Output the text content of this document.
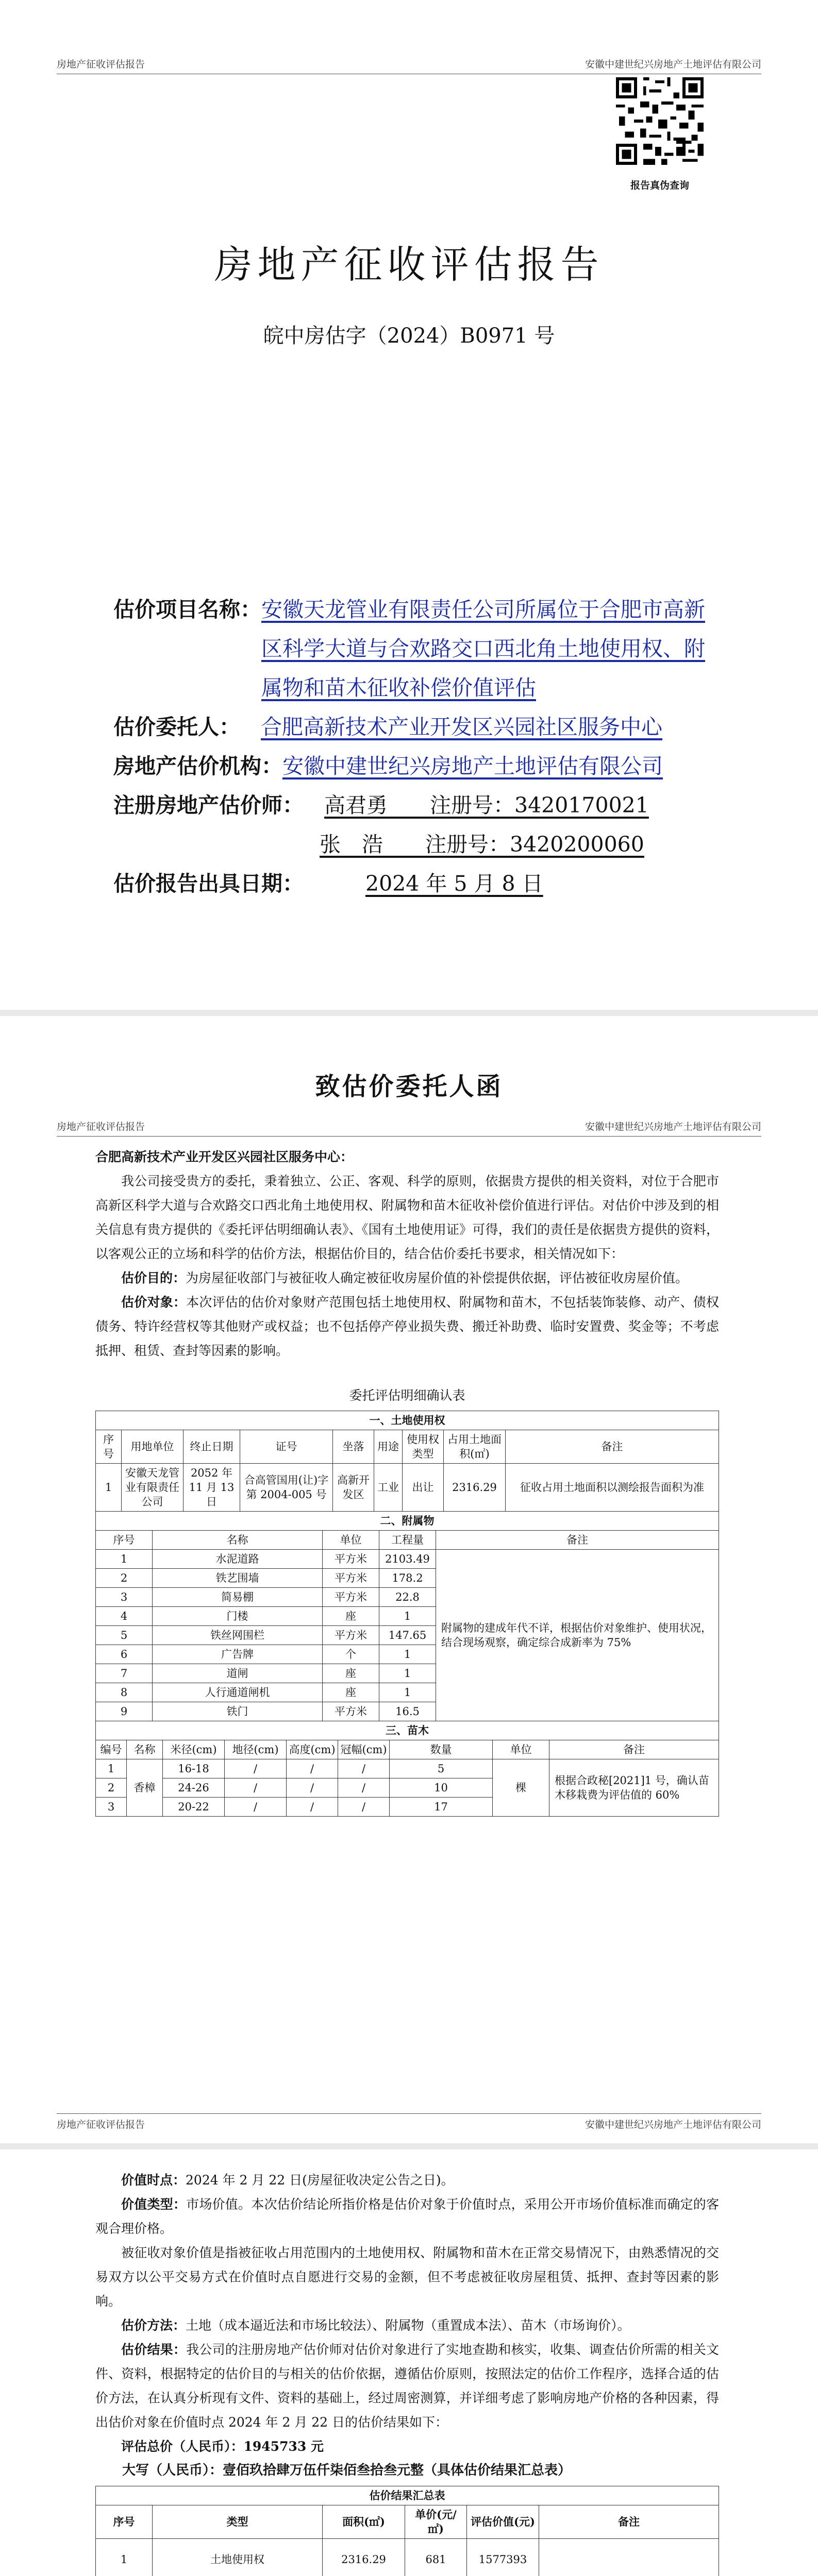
房地产征收评估报告	安徽中建世纪兴房地产土地评估有限公司
报告真伪查询
房地产征收评估报告
皖中房估字（2024）B0971 号
估价项目名称： 安徽天龙管业有限责任公司所属位于合肥市高新区科学大道与合欢路交口西北角土地使用权、附属物和苗木征收补偿价值评估
估价委托人： 合肥高新技术产业开发区兴园社区服务中心
房地产估价机构： 安徽中建世纪兴房地产土地评估有限公司
注册房地产估价师： 高君勇　　注册号：3420170021
张　浩　　注册号：3420200060
估价报告出具日期：	2024 年 5 月 8 日
致估价委托人函
房地产征收评估报告	安徽中建世纪兴房地产土地评估有限公司
合肥高新技术产业开发区兴园社区服务中心：

我公司接受贵方的委托，秉着独立、公正、客观、科学的原则，依据贵方提供的相关资料，对位于合肥市高新区科学大道与合欢路交口西北角土地使用权、附属物和苗木征收补偿价值进行评估。对估价中涉及到的相关信息有贵方提供的《委托评估明细确认表》、《国有土地使用证》可得，我们的责任是依据贵方提供的资料，以客观公正的立场和科学的估价方法，根据估价目的，结合估价委托书要求，相关情况如下：

估价目的：为房屋征收部门与被征收人确定被征收房屋价值的补偿提供依据，评估被征收房屋价值。

估价对象：本次评估的估价对象财产范围包括土地使用权、附属物和苗木，不包括装饰装修、动产、债权债务、特许经营权等其他财产或权益；也不包括停产停业损失费、搬迁补助费、临时安置费、奖金等；不考虑抵押、租赁、查封等因素的影响。

委托评估明细确认表
一、土地使用权								
序号	用地单位	终止日期	证号	坐落	用途	使用权类型	占用土地面积(㎡)	备注
1	安徽天龙管业有限责任公司	2052 年 11 月 13 日	合高管国用(让)字第 2004-005 号	高新开发区	工业	出让	2316.29	征收占用土地面积以测绘报告面积为准
二、附属物				
序号	名称	单位	工程量	备注
1	水泥道路	平方米	2103.49	附属物的建成年代不详，根据估价对象维护、使用状况，结合现场观察，确定综合成新率为 75%
2	铁艺围墙	平方米	178.2	
3	简易棚	平方米	22.8	
4	门楼	座	1	
5	铁丝网围栏	平方米	147.65	
6	广告牌	个	1	
7	道闸	座	1	
8	人行通道闸机	座	1	
9	铁门	平方米	16.5	
三、苗木								
编号	名称	米径(cm)	地径(cm)	高度(cm)	冠幅(cm)	数量	单位	备注
1	香樟	16-18	/	/	/	5	棵	根据合政秘[2021]1 号，确认苗木移栽费为评估值的 60%
2		24-26	/	/	/	10		
3		20-22	/	/	/	17		
房地产征收评估报告	安徽中建世纪兴房地产土地评估有限公司

价值时点：2024 年 2 月 22 日(房屋征收决定公告之日)。

价值类型：市场价值。本次估价结论所指价格是估价对象于价值时点，采用公开市场价值标准而确定的客观合理价格。

被征收对象价值是指被征收占用范围内的土地使用权、附属物和苗木在正常交易情况下，由熟悉情况的交易双方以公平交易方式在价值时点自愿进行交易的金额，但不考虑被征收房屋租赁、抵押、查封等因素的影响。

估价方法：土地（成本逼近法和市场比较法）、附属物（重置成本法）、苗木（市场询价）。

估价结果：我公司的注册房地产估价师对估价对象进行了实地查勘和核实，收集、调查估价所需的相关文件、资料，根据特定的估价目的与相关的估价依据，遵循估价原则，按照法定的估价工作程序，选择合适的估价方法，在认真分析现有文件、资料的基础上，经过周密测算，并详细考虑了影响房地产价格的各种因素，得出估价对象在价值时点 2024 年 2 月 22 日的估价结果如下：

评估总价（人民币）：1945733 元

大写（人民币）：壹佰玖拾肆万伍仟柒佰叁拾叁元整（具体估价结果汇总表）

估价结果汇总表					
序号	类型	面积(㎡)	单价(元/㎡)	评估价值(元)	备注
1	土地使用权	2316.29	681	1577393	
